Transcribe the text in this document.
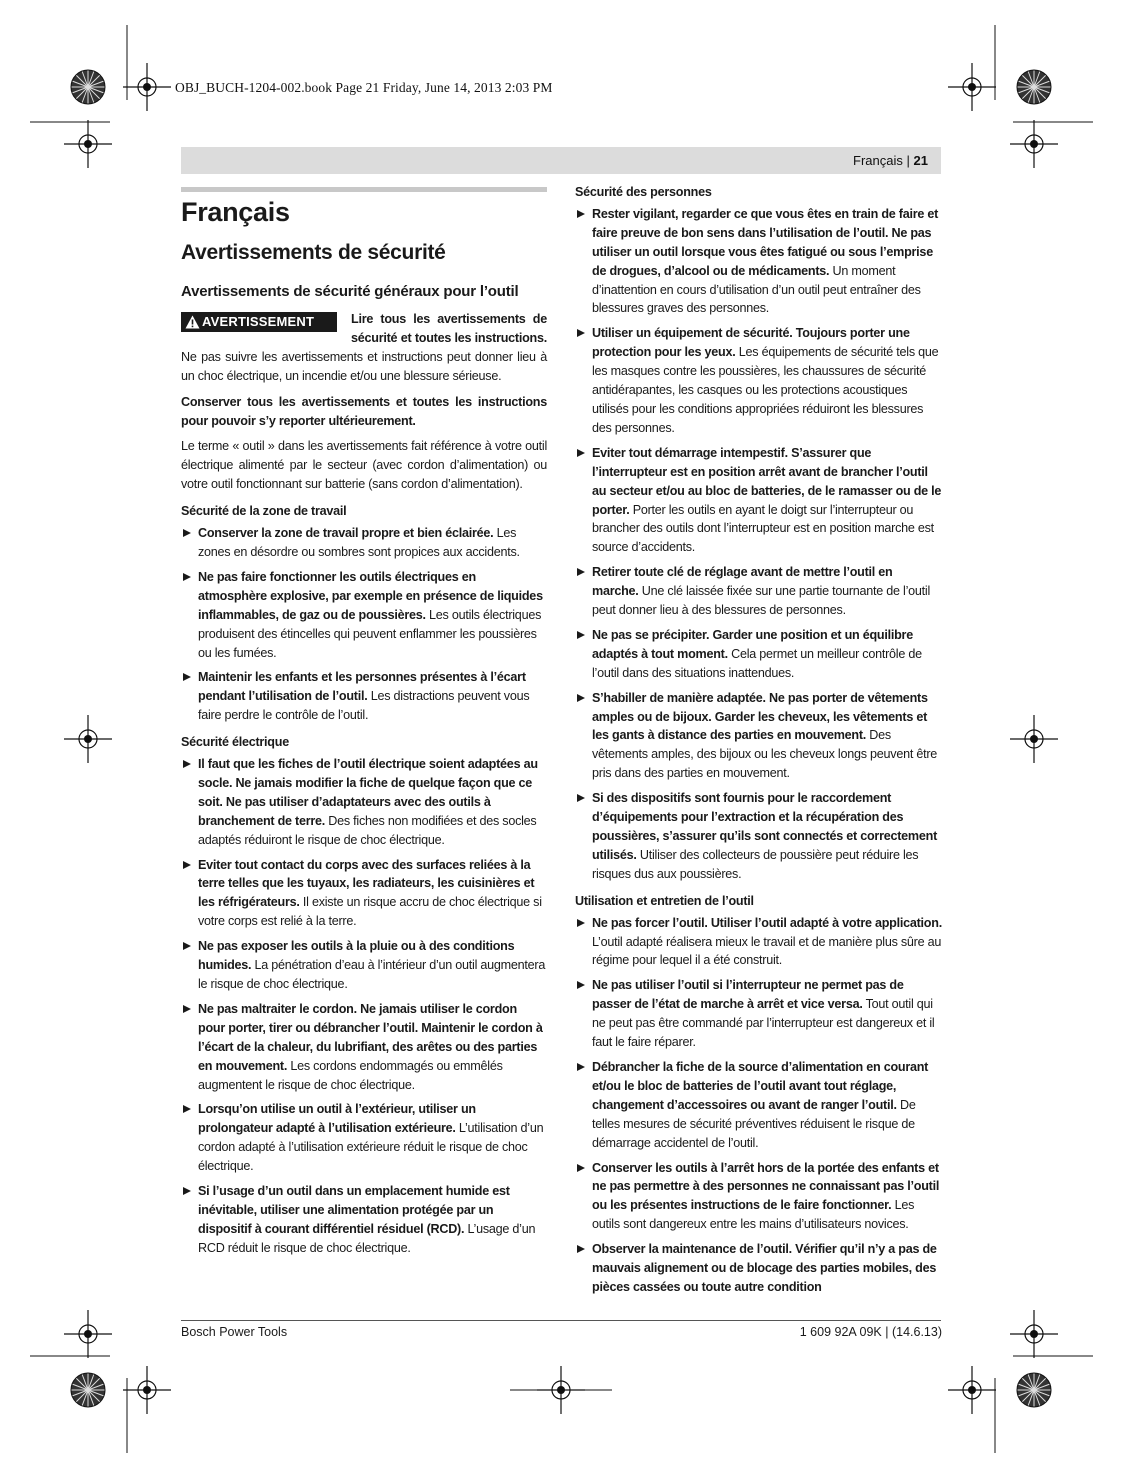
OBJ_BUCH-1204-002.book Page 21 Friday, June 14, 2013 2:03 PM
Français | 21
Français
Avertissements de sécurité
Avertissements de sécurité généraux pour l’outil

AVERTISSEMENT	Lire tous les avertissements de sécurité et toutes les instructions. Ne pas suivre les avertissements et instructions peut donner lieu à un choc électrique, un incendie et/ou une blessure sérieuse.

Conserver tous les avertissements et toutes les instructions pour pouvoir s’y reporter ultérieurement.

Le terme « outil » dans les avertissements fait référence à votre outil électrique alimenté par le secteur (avec cordon d’alimentation) ou votre outil fonctionnant sur batterie (sans cordon d’alimentation).

Sécurité de la zone de travail
Conserver la zone de travail propre et bien éclairée. Les zones en désordre ou sombres sont propices aux accidents.
Ne pas faire fonctionner les outils électriques en atmosphère explosive, par exemple en présence de liquides inflammables, de gaz ou de poussières. Les outils électriques produisent des étincelles qui peuvent enflammer les poussières ou les fumées.
Maintenir les enfants et les personnes présentes à l’écart pendant l’utilisation de l’outil. Les distractions peuvent vous faire perdre le contrôle de l’outil.
Sécurité électrique
Il faut que les fiches de l’outil électrique soient adaptées au socle. Ne jamais modifier la fiche de quelque façon que ce soit. Ne pas utiliser d’adaptateurs avec des outils à branchement de terre. Des fiches non modifiées et des socles adaptés réduiront le risque de choc électrique.
Eviter tout contact du corps avec des surfaces reliées à la terre telles que les tuyaux, les radiateurs, les cuisinières et les réfrigérateurs. Il existe un risque accru de choc électrique si votre corps est relié à la terre.
Ne pas exposer les outils à la pluie ou à des conditions humides. La pénétration d’eau à l’intérieur d’un outil augmentera le risque de choc électrique.
Ne pas maltraiter le cordon. Ne jamais utiliser le cordon pour porter, tirer ou débrancher l’outil. Maintenir le cordon à l’écart de la chaleur, du lubrifiant, des arêtes ou des parties en mouvement. Les cordons endommagés ou emmêlés augmentent le risque de choc électrique.
Lorsqu’on utilise un outil à l’extérieur, utiliser un prolongateur adapté à l’utilisation extérieure. L’utilisation d’un cordon adapté à l’utilisation extérieure réduit le risque de choc électrique.
Si l’usage d’un outil dans un emplacement humide est inévitable, utiliser une alimentation protégée par un dispositif à courant différentiel résiduel (RCD). L’usage d’un RCD réduit le risque de choc électrique.
Sécurité des personnes
Rester vigilant, regarder ce que vous êtes en train de faire et faire preuve de bon sens dans l’utilisation de l’outil. Ne pas utiliser un outil lorsque vous êtes fatigué ou sous l’emprise de drogues, d’alcool ou de médicaments. Un moment d’inattention en cours d’utilisation d’un outil peut entraîner des blessures graves des personnes.
Utiliser un équipement de sécurité. Toujours porter une protection pour les yeux. Les équipements de sécurité tels que les masques contre les poussières, les chaussures de sécurité antidérapantes, les casques ou les protections acoustiques utilisés pour les conditions appropriées réduiront les blessures des personnes.
Eviter tout démarrage intempestif. S’assurer que l’interrupteur est en position arrêt avant de brancher l’outil au secteur et/ou au bloc de batteries, de le ramasser ou de le porter. Porter les outils en ayant le doigt sur l’interrupteur ou brancher des outils dont l’interrupteur est en position marche est source d’accidents.
Retirer toute clé de réglage avant de mettre l’outil en marche. Une clé laissée fixée sur une partie tournante de l’outil peut donner lieu à des blessures de personnes.
Ne pas se précipiter. Garder une position et un équilibre adaptés à tout moment. Cela permet un meilleur contrôle de l’outil dans des situations inattendues.
S’habiller de manière adaptée. Ne pas porter de vêtements amples ou de bijoux. Garder les cheveux, les vêtements et les gants à distance des parties en mouvement. Des vêtements amples, des bijoux ou les cheveux longs peuvent être pris dans des parties en mouvement.
Si des dispositifs sont fournis pour le raccordement d’équipements pour l’extraction et la récupération des poussières, s’assurer qu’ils sont connectés et correctement utilisés. Utiliser des collecteurs de poussière peut réduire les risques dus aux poussières.
Utilisation et entretien de l’outil
Ne pas forcer l’outil. Utiliser l’outil adapté à votre application. L’outil adapté réalisera mieux le travail et de manière plus sûre au régime pour lequel il a été construit.
Ne pas utiliser l’outil si l’interrupteur ne permet pas de passer de l’état de marche à arrêt et vice versa. Tout outil qui ne peut pas être commandé par l’interrupteur est dangereux et il faut le faire réparer.
Débrancher la fiche de la source d’alimentation en courant et/ou le bloc de batteries de l’outil avant tout réglage, changement d’accessoires ou avant de ranger l’outil. De telles mesures de sécurité préventives réduisent le risque de démarrage accidentel de l’outil.
Conserver les outils à l’arrêt hors de la portée des enfants et ne pas permettre à des personnes ne connaissant pas l’outil ou les présentes instructions de le faire fonctionner. Les outils sont dangereux entre les mains d’utilisateurs novices.
Observer la maintenance de l’outil. Vérifier qu’il n’y a pas de mauvais alignement ou de blocage des parties mobiles, des pièces cassées ou toute autre condition
Bosch Power Tools	1 609 92A 09K | (14.6.13)
